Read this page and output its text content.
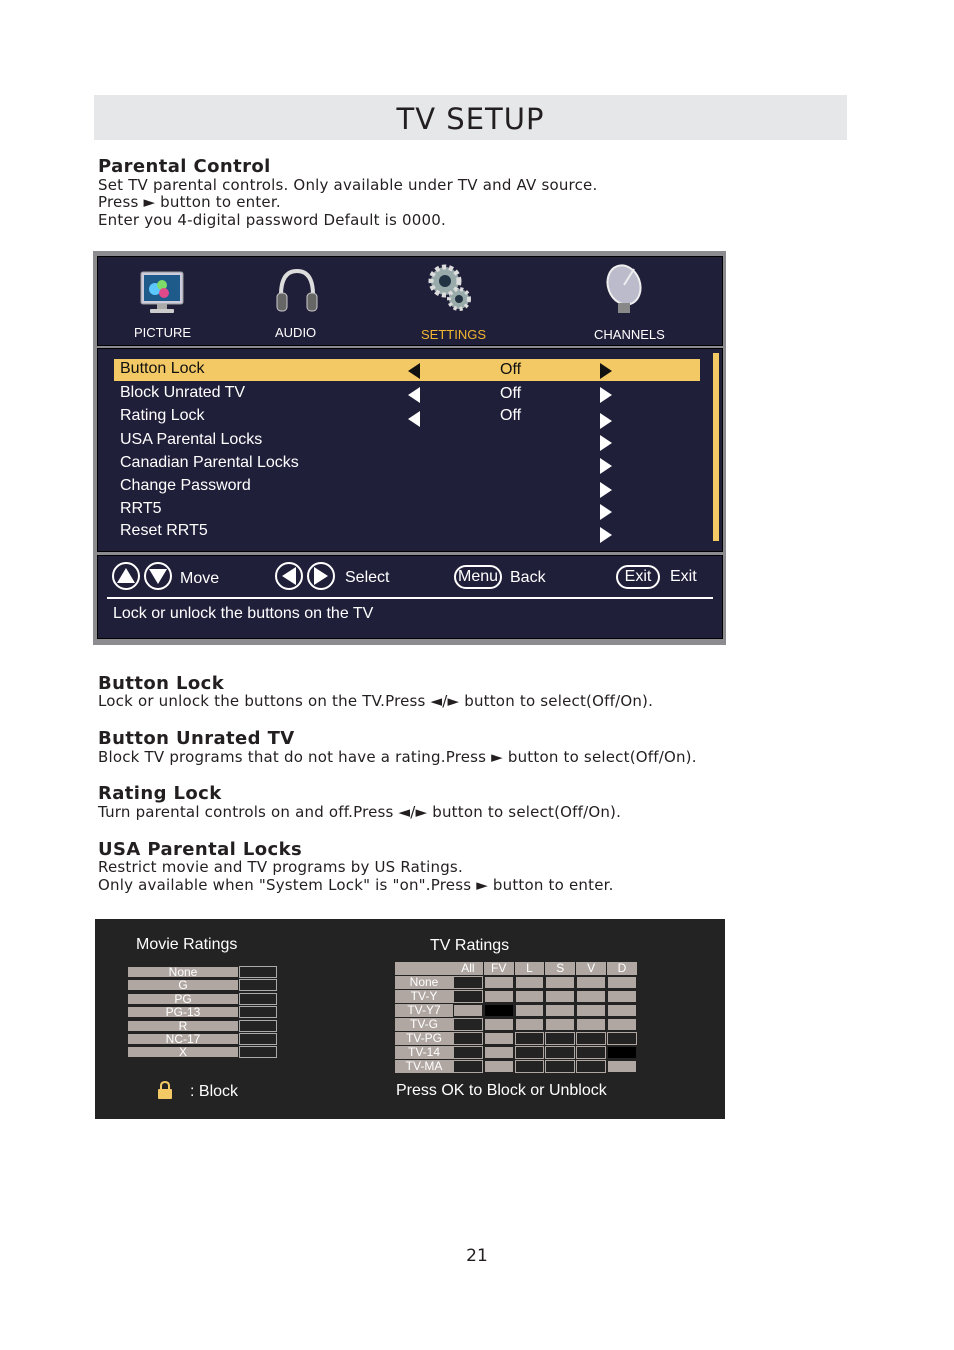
TV SETUP
Parental Control
Set TV parental controls. Only available under TV and AV source.
Press ► button to enter.
Enter you 4-digital password Default is 0000.
PICTURE	AUDIO	SETTINGS	CHANNELS
Button Lock	Off
Block Unrated TV	Off
Rating Lock	Off
USA Parental Locks
Canadian Parental Locks
Change Password
RRT5
Reset RRT5
Move	Select	Menu Back	Exit	Exit
Lock or unlock the buttons on the TV
Button Lock
Lock or unlock the buttons on the TV.Press ◄/► button to select(Off/On).
Button Unrated TV
Block TV programs that do not have a rating.Press ► button to select(Off/On).
Rating Lock
Turn parental controls on and off.Press ◄/► button to select(Off/On).
USA Parental Locks
Restrict movie and TV programs by US Ratings.
Only available when "System Lock" is "on".Press ► button to enter.
Movie Ratings	TV Ratings
None
G
PG
PG-13
R
NC-17
X
All	FV	L	S	V	D
None
TV-Y
TV-Y7
TV-G
TV-PG
TV-14
TV-MA
: Block	Press OK to Block or Unblock
21
